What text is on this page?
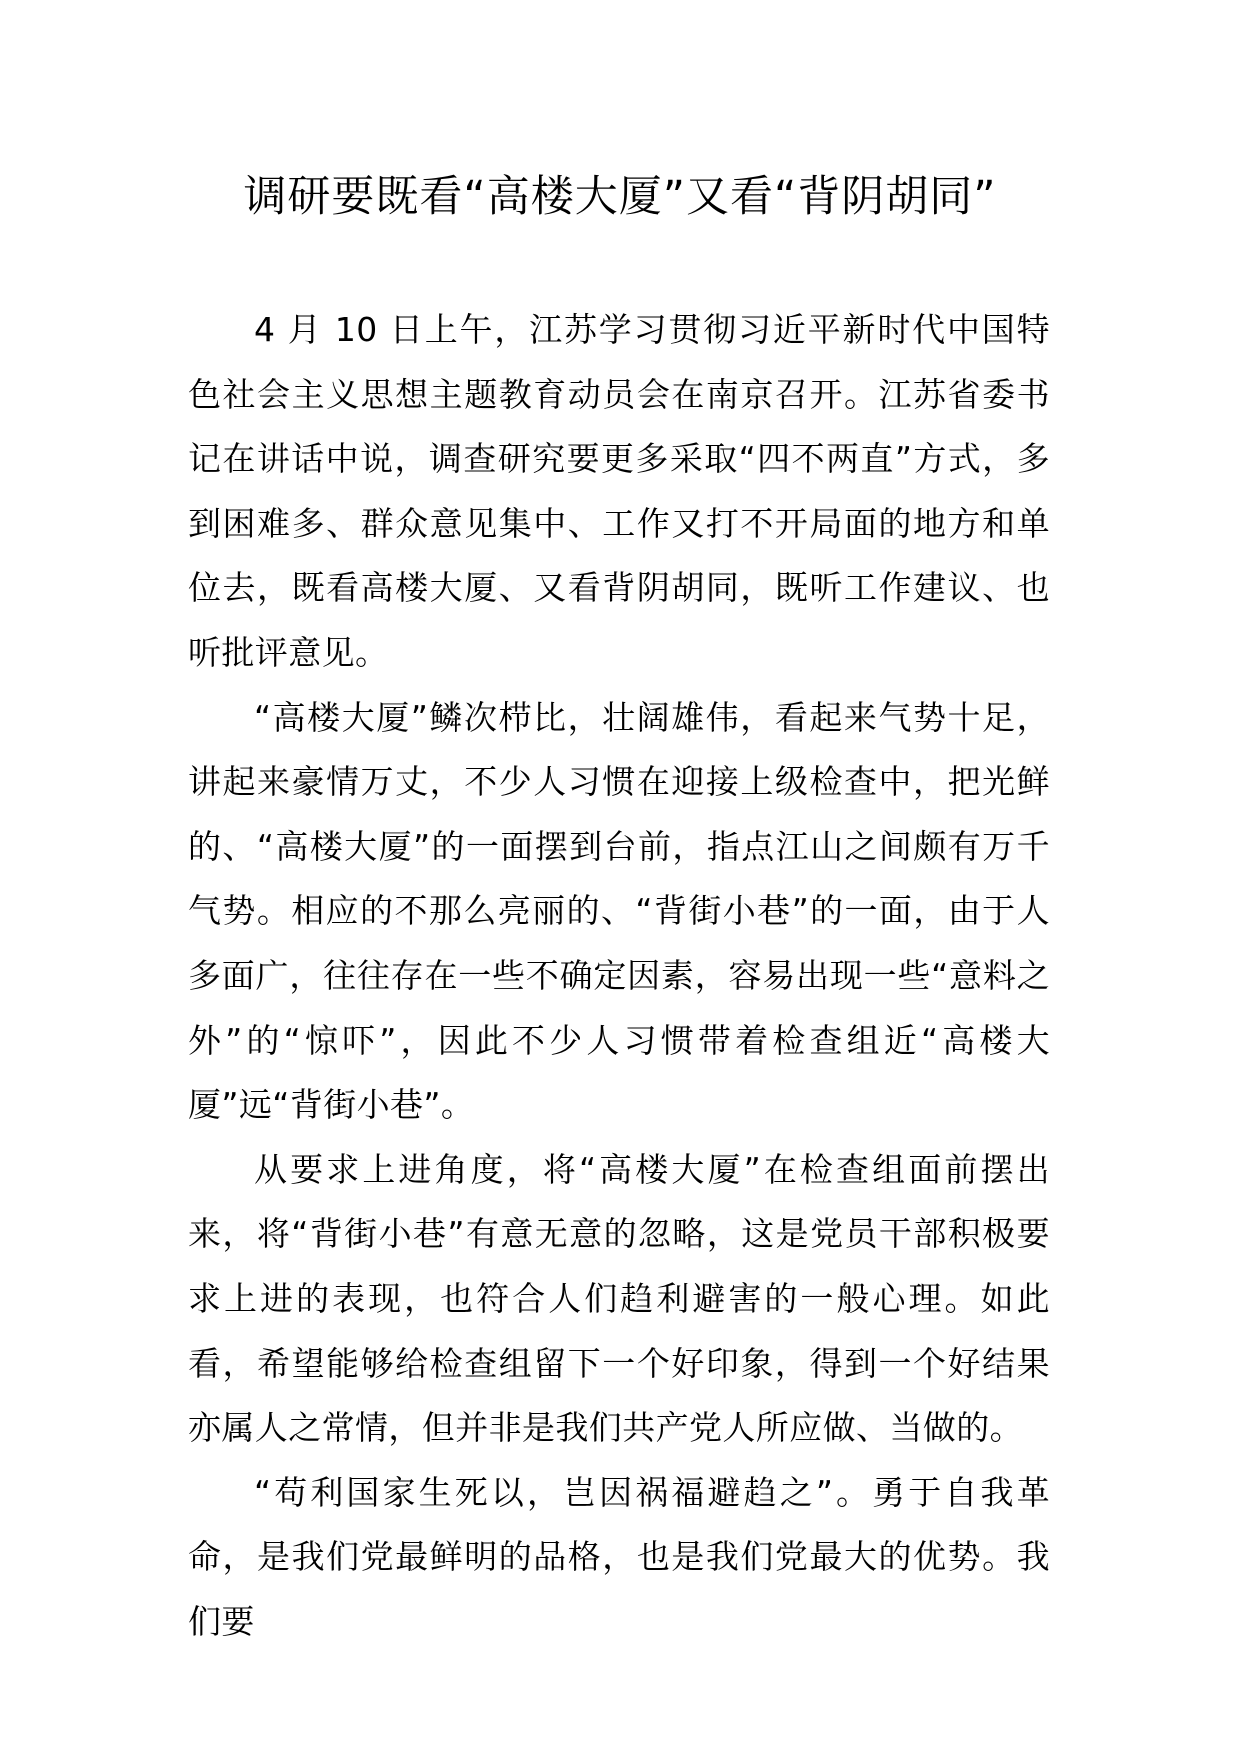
调研要既看“高楼大厦”又看“背阴胡同”

4 月 10 日上午，江苏学习贯彻习近平新时代中国特色社会主义思想主题教育动员会在南京召开。江苏省委书记在讲话中说，调查研究要更多采取“四不两直”方式，多到困难多、群众意见集中、工作又打不开局面的地方和单位去，既看高楼大厦、又看背阴胡同，既听工作建议、也听批评意见。

“高楼大厦”鳞次栉比，壮阔雄伟，看起来气势十足，讲起来豪情万丈，不少人习惯在迎接上级检查中，把光鲜的、“高楼大厦”的一面摆到台前，指点江山之间颇有万千气势。相应的不那么亮丽的、“背街小巷”的一面，由于人多面广，往往存在一些不确定因素，容易出现一些“意料之外”的“惊吓”，因此不少人习惯带着检查组近“高楼大厦”远“背街小巷”。

从要求上进角度，将“高楼大厦”在检查组面前摆出来，将“背街小巷”有意无意的忽略，这是党员干部积极要求上进的表现，也符合人们趋利避害的一般心理。如此看，希望能够给检查组留下一个好印象，得到一个好结果亦属人之常情，但并非是我们共产党人所应做、当做的。

“苟利国家生死以，岂因祸福避趋之”。勇于自我革命，是我们党最鲜明的品格，也是我们党最大的优势。我们要
